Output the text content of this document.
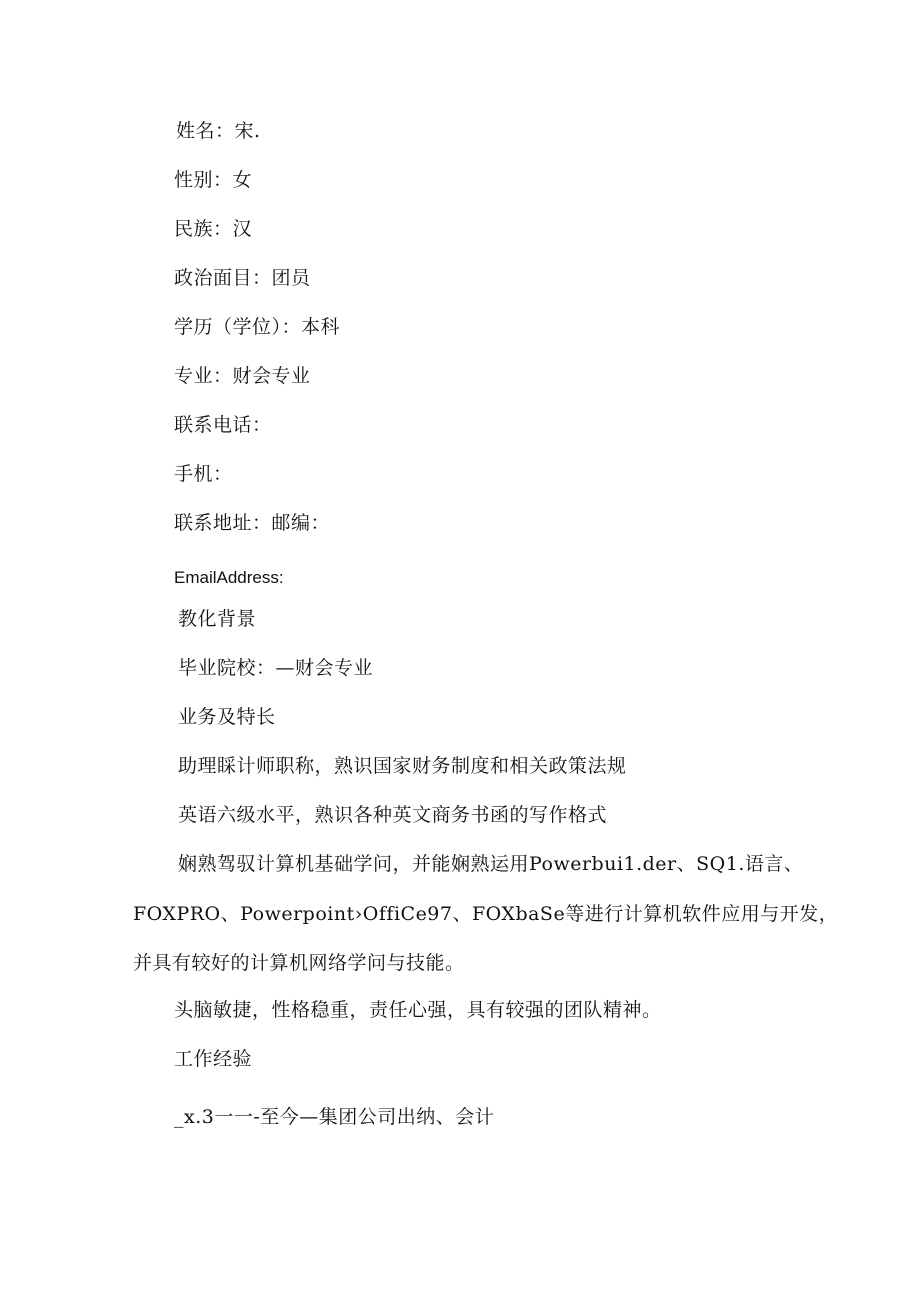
姓名：宋.
性别：女
民族：汉
政治面目：团员
学历（学位）：本科
专业：财会专业
联系电话：
手机：
联系地址：邮编：
EmailAddress:
教化背景
毕业院校：—财会专业
业务及特长
助理睬计师职称，熟识国家财务制度和相关政策法规
英语六级水平，熟识各种英文商务书函的写作格式
娴熟驾驭计算机基础学问，并能娴熟运用Powerbui1.der、SQ1.语言、
FOXPRO、Powerpoint›OffiCe97、FOXbaSe等进行计算机软件应用与开发，
并具有较好的计算机网络学问与技能。
头脑敏捷，性格稳重，责任心强，具有较强的团队精神。
工作经验
_x.3一一-至今—集团公司出纳、会计
